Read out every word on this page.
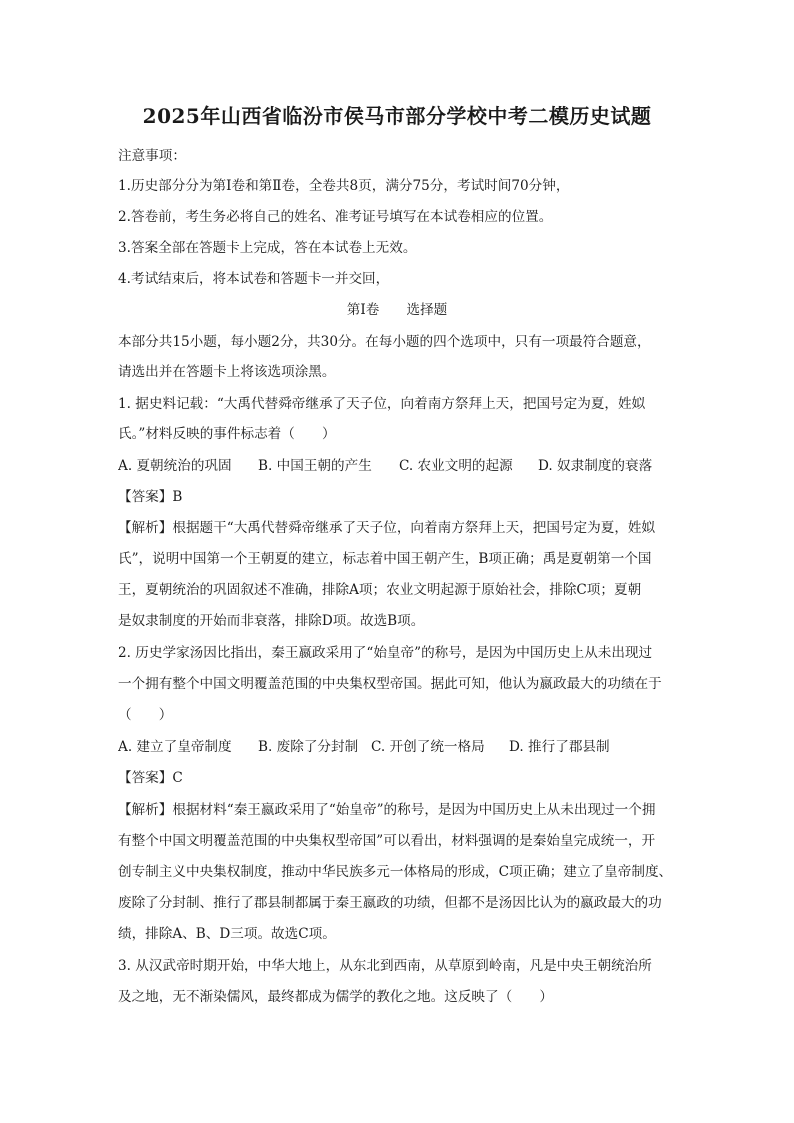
2025年山西省临汾市侯马市部分学校中考二模历史试题
注意事项：
1.历史部分分为第Ⅰ卷和第Ⅱ卷，全卷共8页，满分75分，考试时间70分钟，
2.答卷前，考生务必将自己的姓名、准考证号填写在本试卷相应的位置。
3.答案全部在答题卡上完成，答在本试卷上无效。
4.考试结束后，将本试卷和答题卡一并交回，
第Ⅰ卷　　选择题
本部分共15小题，每小题2分，共30分。在每小题的四个选项中，只有一项最符合题意，
请选出并在答题卡上将该选项涂黑。
1. 据史料记载：“大禹代替舜帝继承了天子位，向着南方祭拜上天，把国号定为夏，姓姒
氏。”材料反映的事件标志着（　　）
A. 夏朝统治的巩固 B. 中国王朝的产生 C. 农业文明的起源 D. 奴隶制度的衰落
【答案】B
【解析】根据题干“大禹代替舜帝继承了天子位，向着南方祭拜上天，把国号定为夏，姓姒
氏”，说明中国第一个王朝夏的建立，标志着中国王朝产生，B项正确；禹是夏朝第一个国
王，夏朝统治的巩固叙述不准确，排除A项；农业文明起源于原始社会，排除C项；夏朝
是奴隶制度的开始而非衰落，排除D项。故选B项。
2. 历史学家汤因比指出，秦王嬴政采用了“始皇帝”的称号，是因为中国历史上从未出现过
一个拥有整个中国文明覆盖范围的中央集权型帝国。据此可知，他认为嬴政最大的功绩在于
（　　）
A. 建立了皇帝制度 B. 废除了分封制 C. 开创了统一格局 D. 推行了郡县制
【答案】C
【解析】根据材料“秦王嬴政采用了“始皇帝”的称号，是因为中国历史上从未出现过一个拥
有整个中国文明覆盖范围的中央集权型帝国”可以看出，材料强调的是秦始皇完成统一，开
创专制主义中央集权制度，推动中华民族多元一体格局的形成，C项正确；建立了皇帝制度、
废除了分封制、推行了郡县制都属于秦王嬴政的功绩，但都不是汤因比认为的嬴政最大的功
绩，排除A、B、D三项。故选C项。
3. 从汉武帝时期开始，中华大地上，从东北到西南，从草原到岭南，凡是中央王朝统治所
及之地，无不渐染儒风，最终都成为儒学的教化之地。这反映了（　　）
